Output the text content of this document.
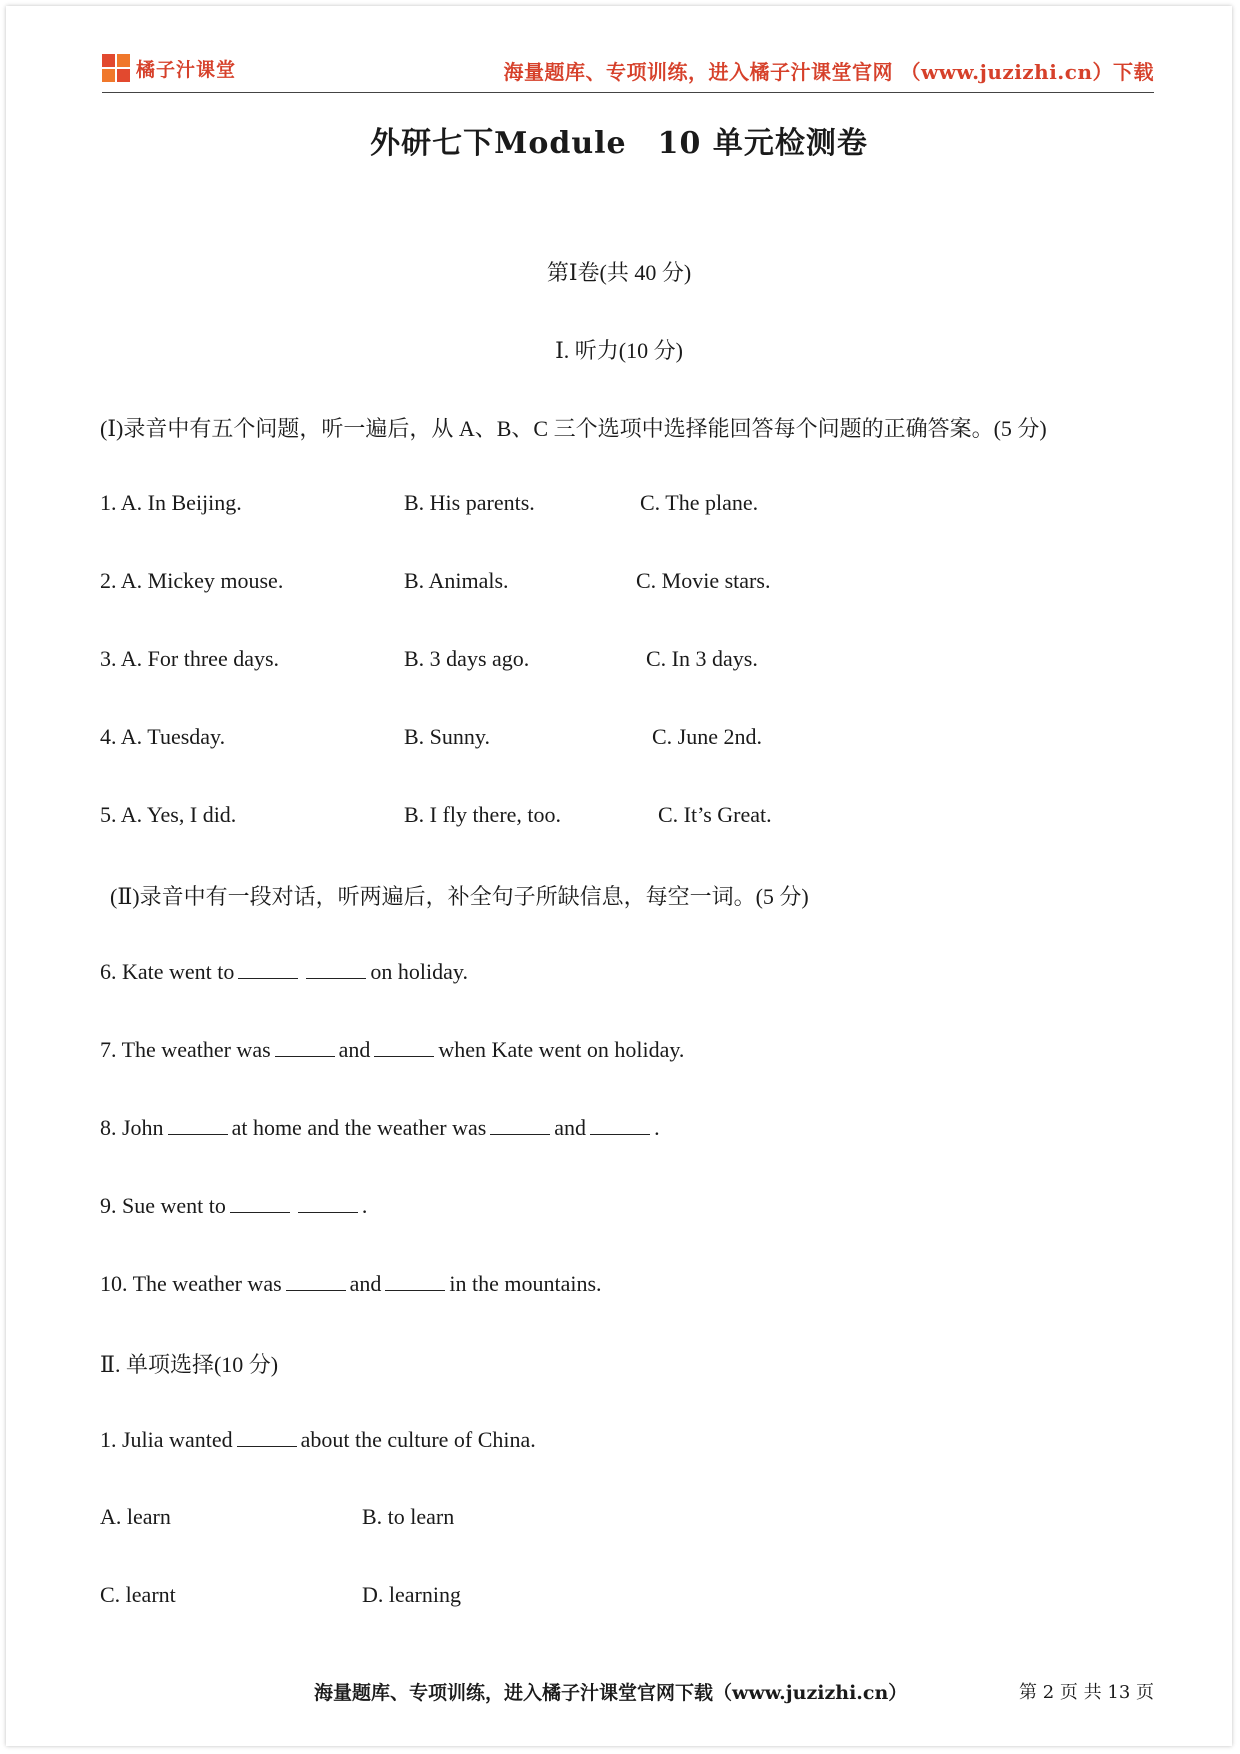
橘子汁课堂	海量题库、专项训练，进入橘子汁课堂官网 （www.juzizhi.cn）下载
外研七下Module　10 单元检测卷
第Ⅰ卷(共 40 分)
Ⅰ. 听力(10 分)
(Ⅰ)录音中有五个问题，听一遍后，从 A、B、C 三个选项中选择能回答每个问题的正确答案。(5 分)
1. A. In Beijing.	B. His parents.	C. The plane.
2. A. Mickey mouse.	B. Animals.	C. Movie stars.
3. A. For three days.	B. 3 days ago.	C. In 3 days.
4. A. Tuesday.	B. Sunny.	C. June 2nd.
5. A. Yes, I did.	B. I fly there, too.	C. It’s Great.
(Ⅱ)录音中有一段对话，听两遍后，补全句子所缺信息，每空一词。(5 分)
6. Kate went to	on holiday.
7. The weather was	and	when Kate went on holiday.
8. John	at home and the weather was	and	.
9. Sue went to	.
10. The weather was	and	in the mountains.
Ⅱ. 单项选择(10 分)
1. Julia wanted	about the culture of China.
A. learn	B. to learn
C. learnt	D. learning
海量题库、专项训练，进入橘子汁课堂官网下载（www.juzizhi.cn）	第 2 页 共 13 页
